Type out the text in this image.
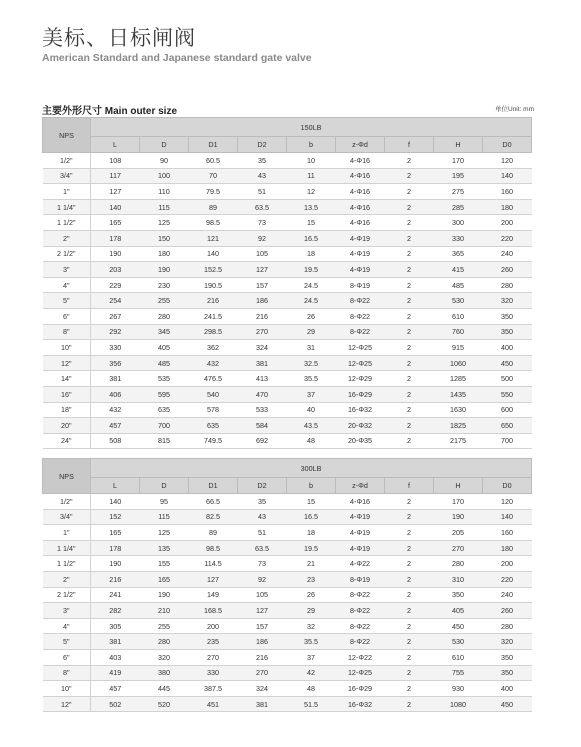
美标、日标闸阀
American Standard and Japanese standard gate valve
主要外形尺寸 Main outer size	单位Unit: mm
NPS	150LB								
	L	D	D1	D2	b	z-Φd	f	H	D0
1/2"	108	90	60.5	35	10	4-Φ16	2	170	120
3/4"	117	100	70	43	11	4-Φ16	2	195	140
1"	127	110	79.5	51	12	4-Φ16	2	275	160
1 1/4"	140	115	89	63.5	13.5	4-Φ16	2	285	180
1 1/2"	165	125	98.5	73	15	4-Φ16	2	300	200
2"	178	150	121	92	16.5	4-Φ19	2	330	220
2 1/2"	190	180	140	105	18	4-Φ19	2	365	240
3"	203	190	152.5	127	19.5	4-Φ19	2	415	260
4"	229	230	190.5	157	24.5	8-Φ19	2	485	280
5"	254	255	216	186	24.5	8-Φ22	2	530	320
6"	267	280	241.5	216	26	8-Φ22	2	610	350
8"	292	345	298.5	270	29	8-Φ22	2	760	350
10"	330	405	362	324	31	12-Φ25	2	915	400
12"	356	485	432	381	32.5	12-Φ25	2	1060	450
14"	381	535	476.5	413	35.5	12-Φ29	2	1285	500
16"	406	595	540	470	37	16-Φ29	2	1435	550
18"	432	635	578	533	40	16-Φ32	2	1630	600
20"	457	700	635	584	43.5	20-Φ32	2	1825	650
24"	508	815	749.5	692	48	20-Φ35	2	2175	700
NPS	300LB								
	L	D	D1	D2	b	z-Φd	f	H	D0
1/2"	140	95	66.5	35	15	4-Φ16	2	170	120
3/4"	152	115	82.5	43	16.5	4-Φ19	2	190	140
1"	165	125	89	51	18	4-Φ19	2	205	160
1 1/4"	178	135	98.5	63.5	19.5	4-Φ19	2	270	180
1 1/2"	190	155	114.5	73	21	4-Φ22	2	280	200
2"	216	165	127	92	23	8-Φ19	2	310	220
2 1/2"	241	190	149	105	26	8-Φ22	2	350	240
3"	282	210	168.5	127	29	8-Φ22	2	405	260
4"	305	255	200	157	32	8-Φ22	2	450	280
5"	381	280	235	186	35.5	8-Φ22	2	530	320
6"	403	320	270	216	37	12-Φ22	2	610	350
8"	419	380	330	270	42	12-Φ25	2	755	350
10"	457	445	387.5	324	48	16-Φ29	2	930	400
12"	502	520	451	381	51.5	16-Φ32	2	1080	450
